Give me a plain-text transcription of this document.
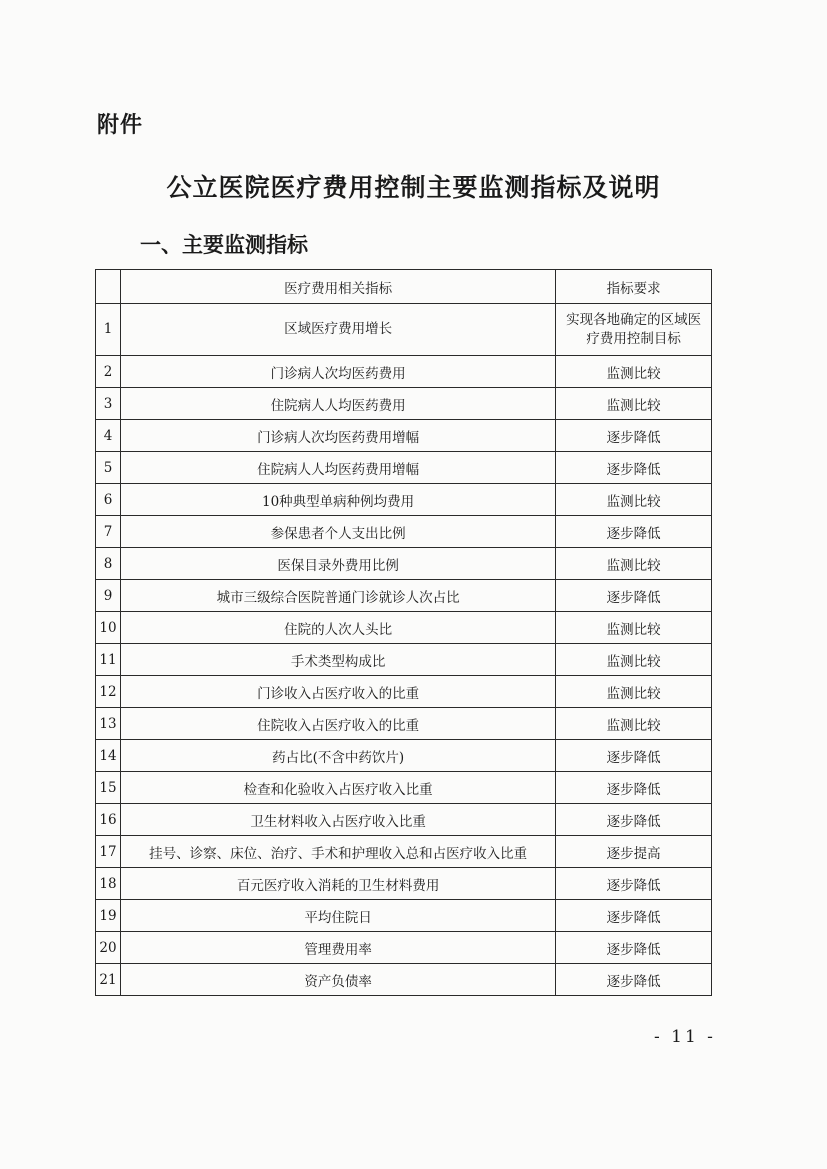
附件
公立医院医疗费用控制主要监测指标及说明
一、主要监测指标
	医疗费用相关指标	指标要求
1	区域医疗费用增长	实现各地确定的区域医疗费用控制目标
2	门诊病人次均医药费用	监测比较
3	住院病人人均医药费用	监测比较
4	门诊病人次均医药费用增幅	逐步降低
5	住院病人人均医药费用增幅	逐步降低
6	10种典型单病种例均费用	监测比较
7	参保患者个人支出比例	逐步降低
8	医保目录外费用比例	监测比较
9	城市三级综合医院普通门诊就诊人次占比	逐步降低
10	住院的人次人头比	监测比较
11	手术类型构成比	监测比较
12	门诊收入占医疗收入的比重	监测比较
13	住院收入占医疗收入的比重	监测比较
14	药占比(不含中药饮片)	逐步降低
15	检查和化验收入占医疗收入比重	逐步降低
16	卫生材料收入占医疗收入比重	逐步降低
17	挂号、诊察、床位、治疗、手术和护理收入总和占医疗收入比重	逐步提高
18	百元医疗收入消耗的卫生材料费用	逐步降低
19	平均住院日	逐步降低
20	管理费用率	逐步降低
21	资产负债率	逐步降低
- 11 -
